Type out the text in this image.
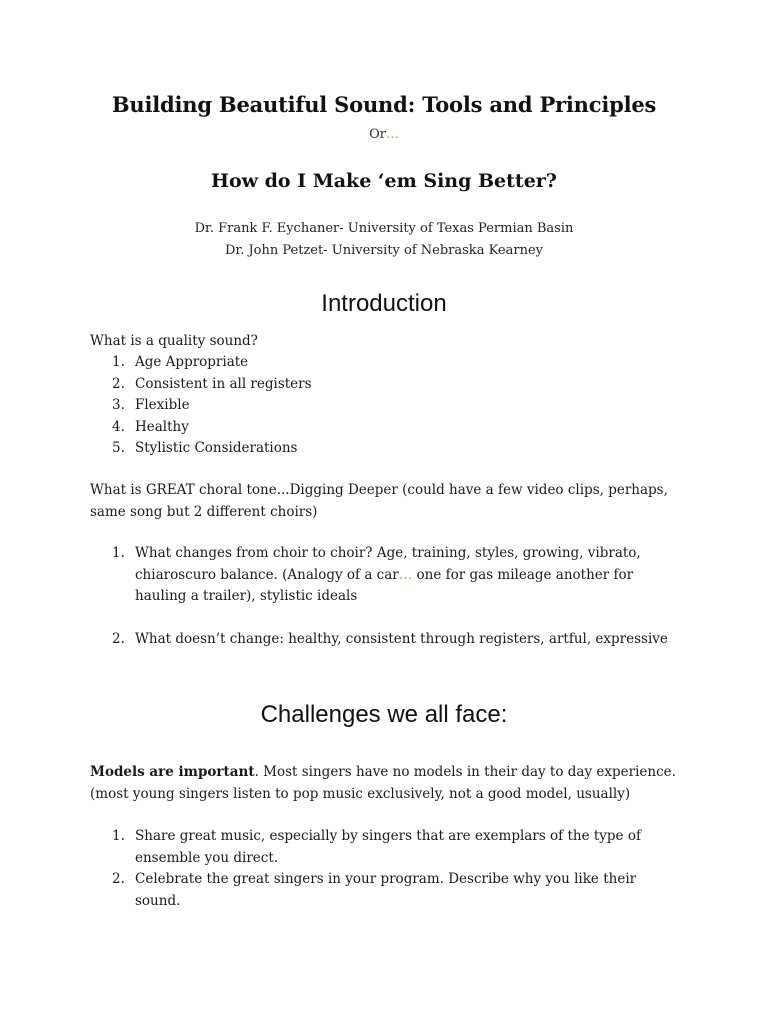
Building Beautiful Sound: Tools and Principles
Or…
How do I Make ‘em Sing Better?
Dr. Frank F. Eychaner- University of Texas Permian Basin
Dr. John Petzet- University of Nebraska Kearney
Introduction
What is a quality sound?
1. Age Appropriate
2. Consistent in all registers
3. Flexible
4. Healthy
5. Stylistic Considerations
What is GREAT choral tone...Digging Deeper (could have a few video clips, perhaps, same song but 2 different choirs)
1. What changes from choir to choir? Age, training, styles, growing, vibrato, chiaroscuro balance. (Analogy of a car… one for gas mileage another for hauling a trailer), stylistic ideals
2. What doesn’t change: healthy, consistent through registers, artful, expressive
Challenges we all face:
Models are important. Most singers have no models in their day to day experience. (most young singers listen to pop music exclusively, not a good model, usually)
1. Share great music, especially by singers that are exemplars of the type of ensemble you direct.
2. Celebrate the great singers in your program. Describe why you like their sound.
